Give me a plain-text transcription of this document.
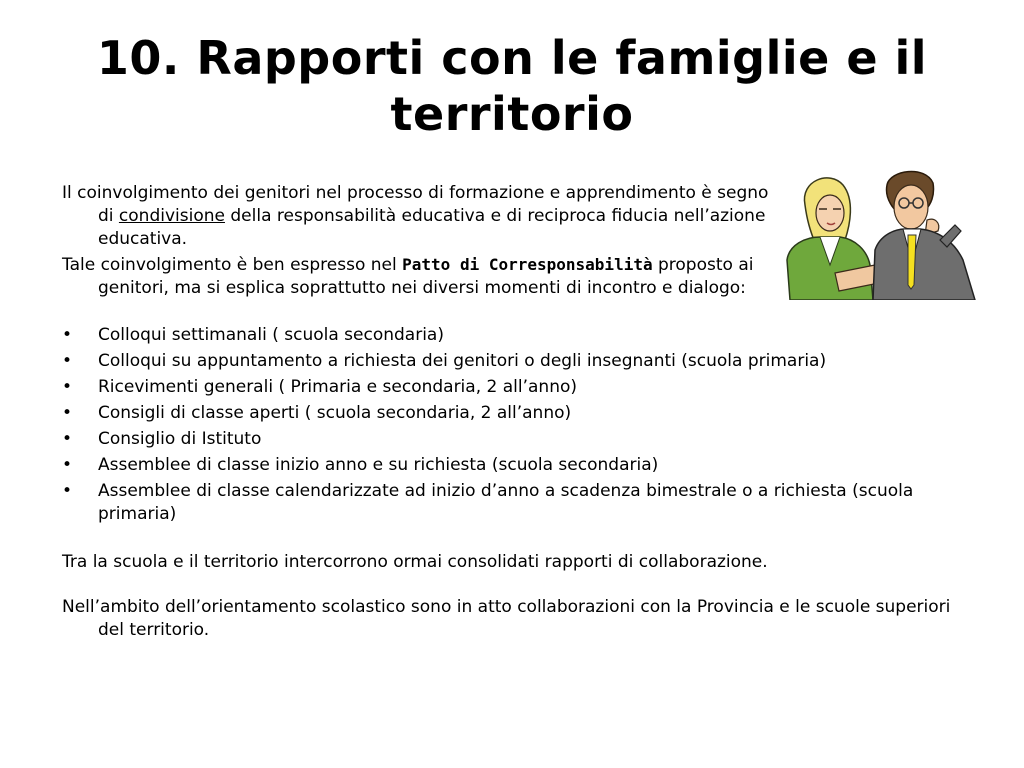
10. Rapporti con le famiglie e il territorio

Il coinvolgimento dei genitori nel processo di formazione e apprendimento è segno di condivisione della responsabilità educativa e di reciproca fiducia nell’azione educativa.

Tale coinvolgimento è ben espresso nel Patto di Corresponsabilità proposto ai genitori, ma si esplica soprattutto nei diversi momenti di incontro e dialogo:

• Colloqui settimanali ( scuola secondaria)
• Colloqui su appuntamento a richiesta dei genitori o degli insegnanti (scuola primaria)
• Ricevimenti generali ( Primaria e secondaria, 2 all’anno)
• Consigli di classe aperti ( scuola secondaria, 2 all’anno)
• Consiglio di Istituto
• Assemblee di classe inizio anno e su richiesta (scuola secondaria)
• Assemblee di classe calendarizzate ad inizio d’anno a scadenza bimestrale o a richiesta (scuola primaria)

Tra la scuola e il territorio intercorrono ormai consolidati rapporti di collaborazione.

Nell’ambito dell’orientamento scolastico sono in atto collaborazioni con la Provincia e le scuole superiori del territorio.
